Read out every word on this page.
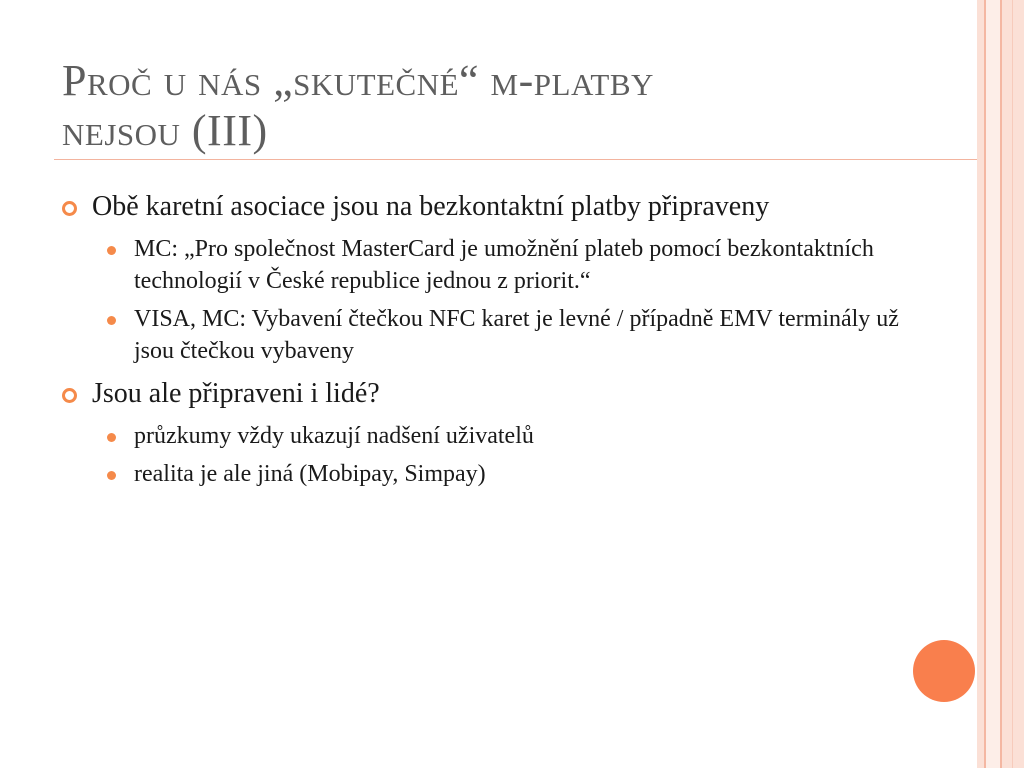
Proč u nás „skutečné“ m-platby
nejsou (III)
Obě karetní asociace jsou na bezkontaktní platby připraveny
MC: „Pro společnost MasterCard je umožnění plateb pomocí bezkontaktních technologií v České republice jednou z priorit.“
VISA, MC: Vybavení čtečkou NFC karet je levné / případně EMV terminály už jsou čtečkou vybaveny
Jsou ale připraveni i lidé?
průzkumy vždy ukazují nadšení uživatelů
realita je ale jiná (Mobipay, Simpay)
